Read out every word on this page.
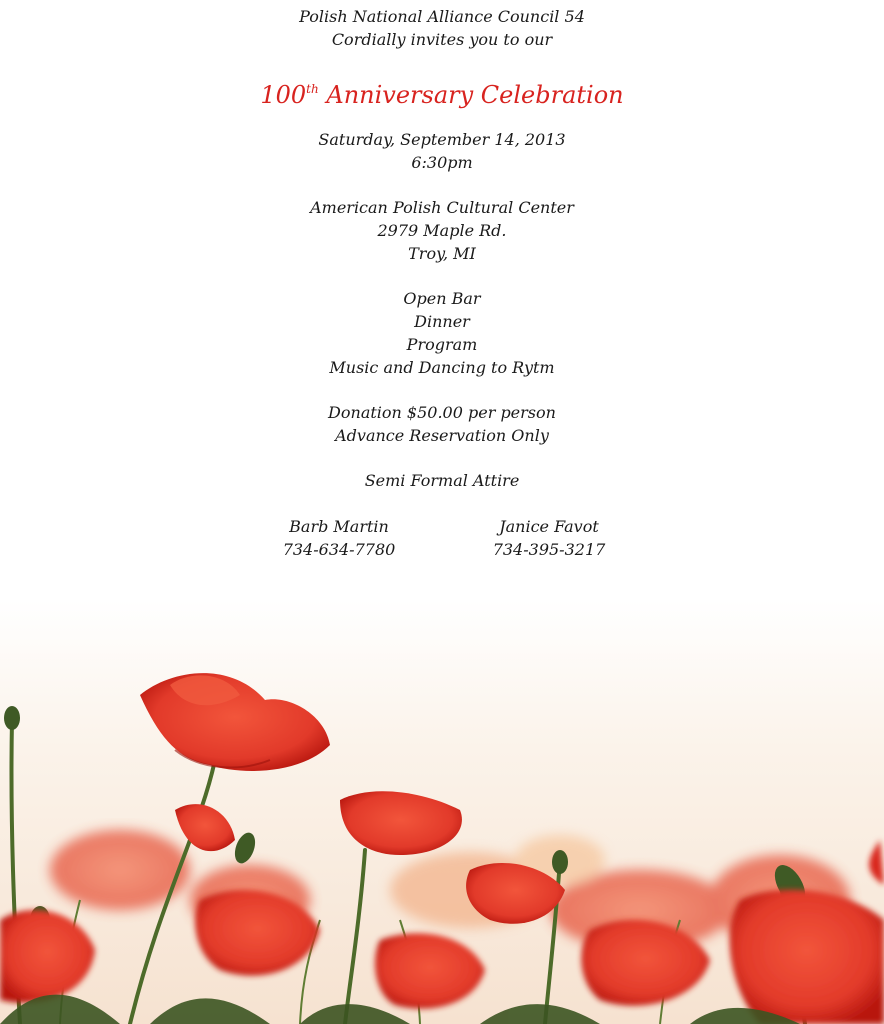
Polish National Alliance Council 54
Cordially invites you to our
100th Anniversary Celebration
Saturday, September 14, 2013
6:30pm
American Polish Cultural Center
2979 Maple Rd.
Troy, MI
Open Bar
Dinner
Program
Music and Dancing to Rytm
Donation $50.00 per person
Advance Reservation Only
Semi Formal Attire
Barb Martin
734-634-7780
Janice Favot
734-395-3217
